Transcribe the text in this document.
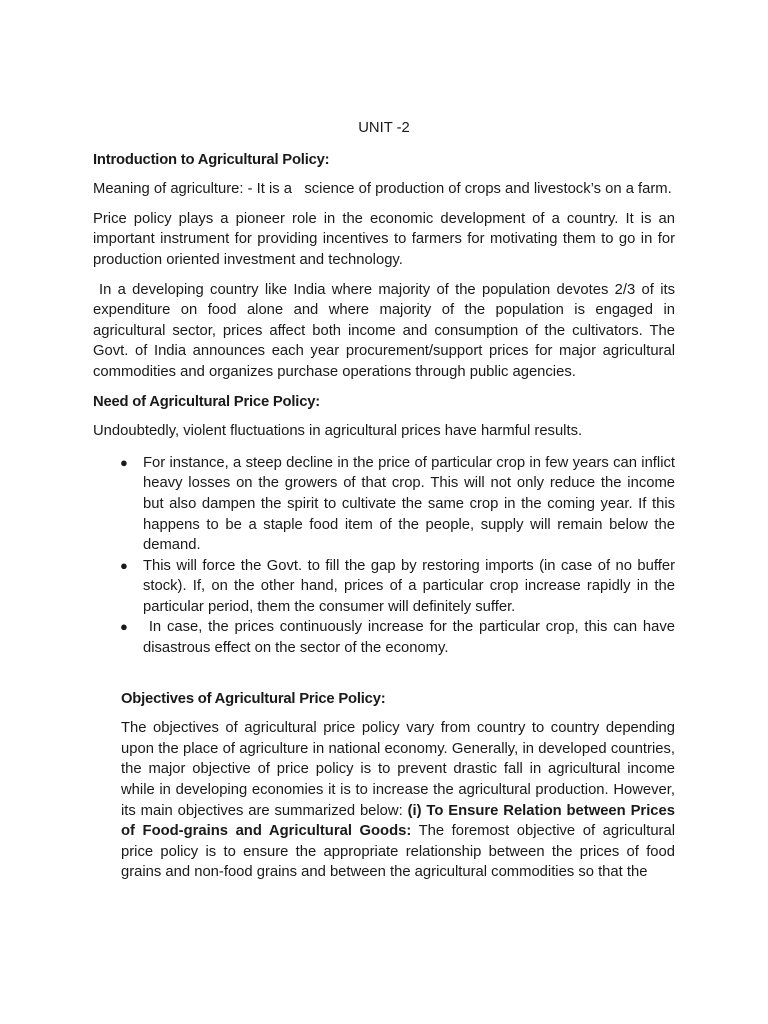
UNIT -2
Introduction to Agricultural Policy:

Meaning of agriculture: - It is a   science of production of crops and livestock’s on a farm.

Price policy plays a pioneer role in the economic development of a country. It is an important instrument for providing incentives to farmers for motivating them to go in for production oriented investment and technology.

In a developing country like India where majority of the population devotes 2/3 of its expenditure on food alone and where majority of the population is engaged in agricultural sector, prices affect both income and consumption of the cultivators. The Govt. of India announces each year procurement/support prices for major agricultural commodities and organizes purchase operations through public agencies.

Need of Agricultural Price Policy:

Undoubtedly, violent fluctuations in agricultural prices have harmful results.

● For instance, a steep decline in the price of particular crop in few years can inflict heavy losses on the growers of that crop. This will not only reduce the income but also dampen the spirit to cultivate the same crop in the coming year. If this happens to be a staple food item of the people, supply will remain below the demand.
● This will force the Govt. to fill the gap by restoring imports (in case of no buffer stock). If, on the other hand, prices of a particular crop increase rapidly in the particular period, them the consumer will definitely suffer.
● In case, the prices continuously increase for the particular crop, this can have disastrous effect on the sector of the economy.
Objectives of Agricultural Price Policy:

The objectives of agricultural price policy vary from country to country depending upon the place of agriculture in national economy. Generally, in developed countries, the major objective of price policy is to prevent drastic fall in agricultural income while in developing economies it is to increase the agricultural production. However, its main objectives are summarized below: (i) To Ensure Relation between Prices of Food-grains and Agricultural Goods: The foremost objective of agricultural price policy is to ensure the appropriate relationship between the prices of food grains and non-food grains and between the agricultural commodities so that the
